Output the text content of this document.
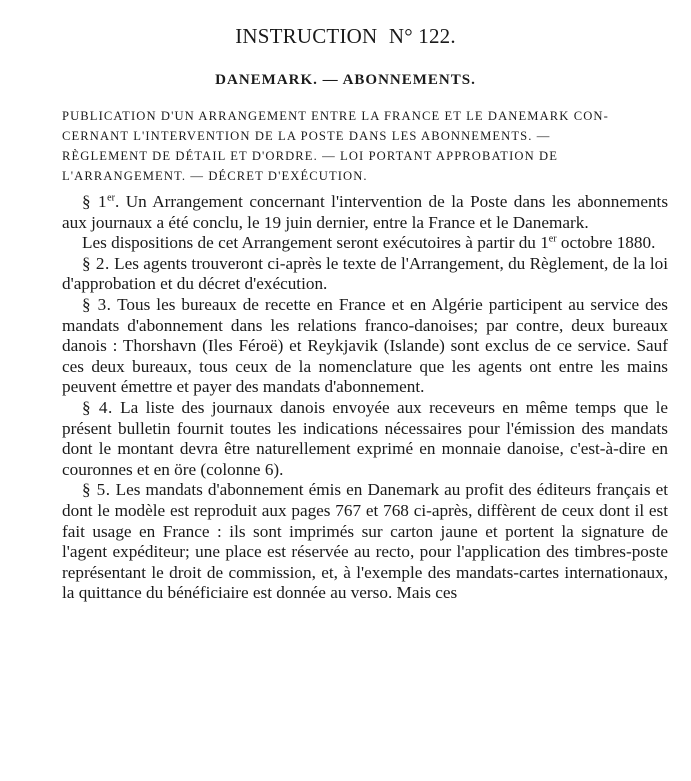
INSTRUCTION N° 122.
DANEMARK. — ABONNEMENTS.
PUBLICATION D'UN ARRANGEMENT ENTRE LA FRANCE ET LE DANEMARK CON-
CERNANT L'INTERVENTION DE LA POSTE DANS LES ABONNEMENTS. —
RÈGLEMENT DE DÉTAIL ET D'ORDRE. — LOI PORTANT APPROBATION DE
L'ARRANGEMENT. — DÉCRET D'EXÉCUTION.

§ 1er. Un Arrangement concernant l'intervention de la Poste dans les abonnements aux journaux a été conclu, le 19 juin dernier, entre la France et le Danemark.

Les dispositions de cet Arrangement seront exécutoires à partir du 1er octobre 1880.

§ 2. Les agents trouveront ci-après le texte de l'Arrangement, du Règlement, de la loi d'approbation et du décret d'exécution.

§ 3. Tous les bureaux de recette en France et en Algérie participent au service des mandats d'abonnement dans les relations franco-danoises; par contre, deux bureaux danois : Thorshavn (Iles Féroë) et Reykjavik (Islande) sont exclus de ce service. Sauf ces deux bureaux, tous ceux de la nomenclature que les agents ont entre les mains peuvent émettre et payer des mandats d'abonnement.

§ 4. La liste des journaux danois envoyée aux receveurs en même temps que le présent bulletin fournit toutes les indications nécessaires pour l'émission des mandats dont le montant devra être naturellement exprimé en monnaie danoise, c'est-à-dire en couronnes et en öre (colonne 6).

§ 5. Les mandats d'abonnement émis en Danemark au profit des éditeurs français et dont le modèle est reproduit aux pages 767 et 768 ci-après, diffèrent de ceux dont il est fait usage en France : ils sont imprimés sur carton jaune et portent la signature de l'agent expéditeur; une place est réservée au recto, pour l'application des timbres-poste représentant le droit de commission, et, à l'exemple des mandats-cartes internationaux, la quittance du bénéficiaire est donnée au verso. Mais ces
